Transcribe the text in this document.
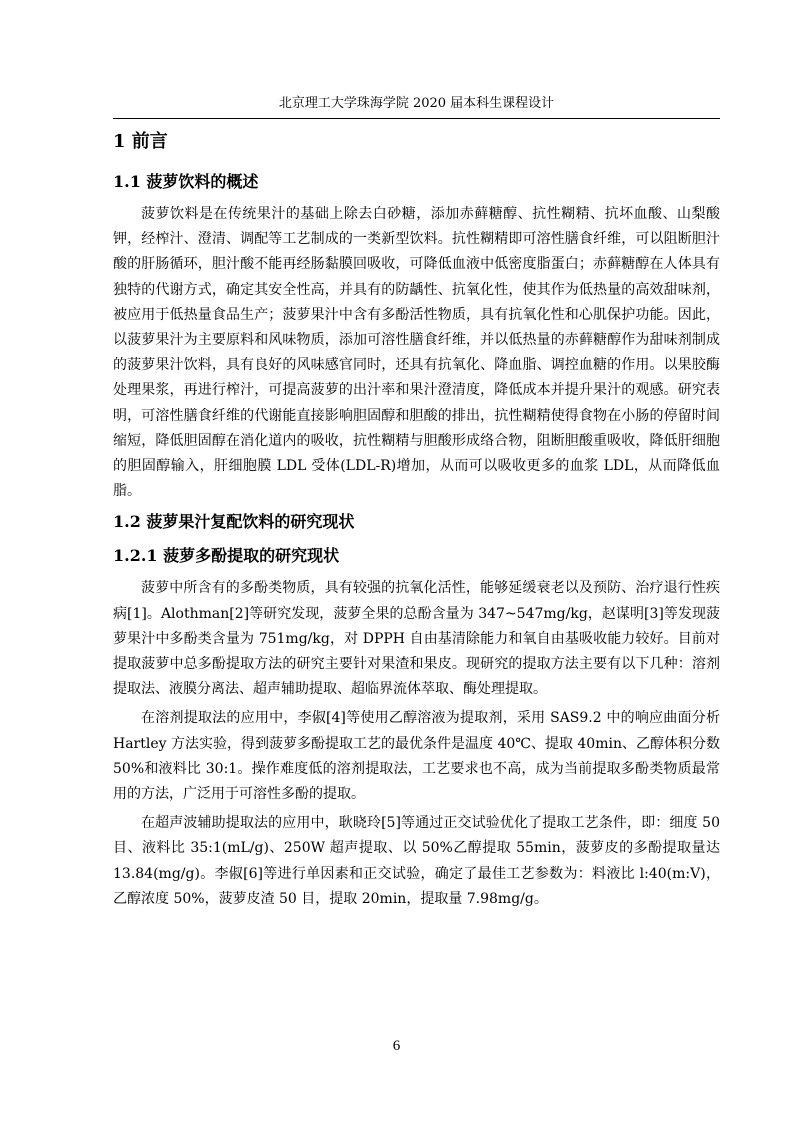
北京理工大学珠海学院 2020 届本科生课程设计
1 前言
1.1 菠萝饮料的概述

菠萝饮料是在传统果汁的基础上除去白砂糖，添加赤藓糖醇、抗性糊精、抗坏血酸、山梨酸钾，经榨汁、澄清、调配等工艺制成的一类新型饮料。抗性糊精即可溶性膳食纤维，可以阻断胆汁酸的肝肠循环，胆汁酸不能再经肠黏膜回吸收，可降低血液中低密度脂蛋白；赤藓糖醇在人体具有独特的代谢方式，确定其安全性高，并具有的防龋性、抗氧化性，使其作为低热量的高效甜味剂，被应用于低热量食品生产；菠萝果汁中含有多酚活性物质，具有抗氧化性和心肌保护功能。因此，以菠萝果汁为主要原料和风味物质，添加可溶性膳食纤维，并以低热量的赤藓糖醇作为甜味剂制成的菠萝果汁饮料，具有良好的风味感官同时，还具有抗氧化、降血脂、调控血糖的作用。以果胶酶处理果浆，再进行榨汁，可提高菠萝的出汁率和果汁澄清度，降低成本并提升果汁的观感。研究表明，可溶性膳食纤维的代谢能直接影响胆固醇和胆酸的排出，抗性糊精使得食物在小肠的停留时间缩短，降低胆固醇在消化道内的吸收，抗性糊精与胆酸形成络合物，阻断胆酸重吸收，降低肝细胞的胆固醇输入，肝细胞膜 LDL 受体(LDL-R)增加，从而可以吸收更多的血浆 LDL，从而降低血脂。

1.2 菠萝果汁复配饮料的研究现状
1.2.1 菠萝多酚提取的研究现状

菠萝中所含有的多酚类物质，具有较强的抗氧化活性，能够延缓衰老以及预防、治疗退行性疾病[1]。Alothman[2]等研究发现，菠萝全果的总酚含量为 347~547mg/kg，赵谋明[3]等发现菠萝果汁中多酚类含量为 751mg/kg，对 DPPH 自由基清除能力和氧自由基吸收能力较好。目前对提取菠萝中总多酚提取方法的研究主要针对果渣和果皮。现研究的提取方法主要有以下几种：溶剂提取法、液膜分离法、超声辅助提取、超临界流体萃取、酶处理提取。

在溶剂提取法的应用中，李俶[4]等使用乙醇溶液为提取剂，采用 SAS9.2 中的响应曲面分析 Hartley 方法实验，得到菠萝多酚提取工艺的最优条件是温度 40℃、提取 40min、乙醇体积分数 50%和液料比 30:1。操作难度低的溶剂提取法，工艺要求也不高，成为当前提取多酚类物质最常用的方法，广泛用于可溶性多酚的提取。

在超声波辅助提取法的应用中，耿晓玲[5]等通过正交试验优化了提取工艺条件，即：细度 50 目、液料比 35:1(mL/g)、250W 超声提取、以 50%乙醇提取 55min，菠萝皮的多酚提取量达 13.84(mg/g)。李俶[6]等进行单因素和正交试验，确定了最佳工艺参数为：料液比 l:40(m:V)，乙醇浓度 50%，菠萝皮渣 50 目，提取 20min，提取量 7.98mg/g。

6
